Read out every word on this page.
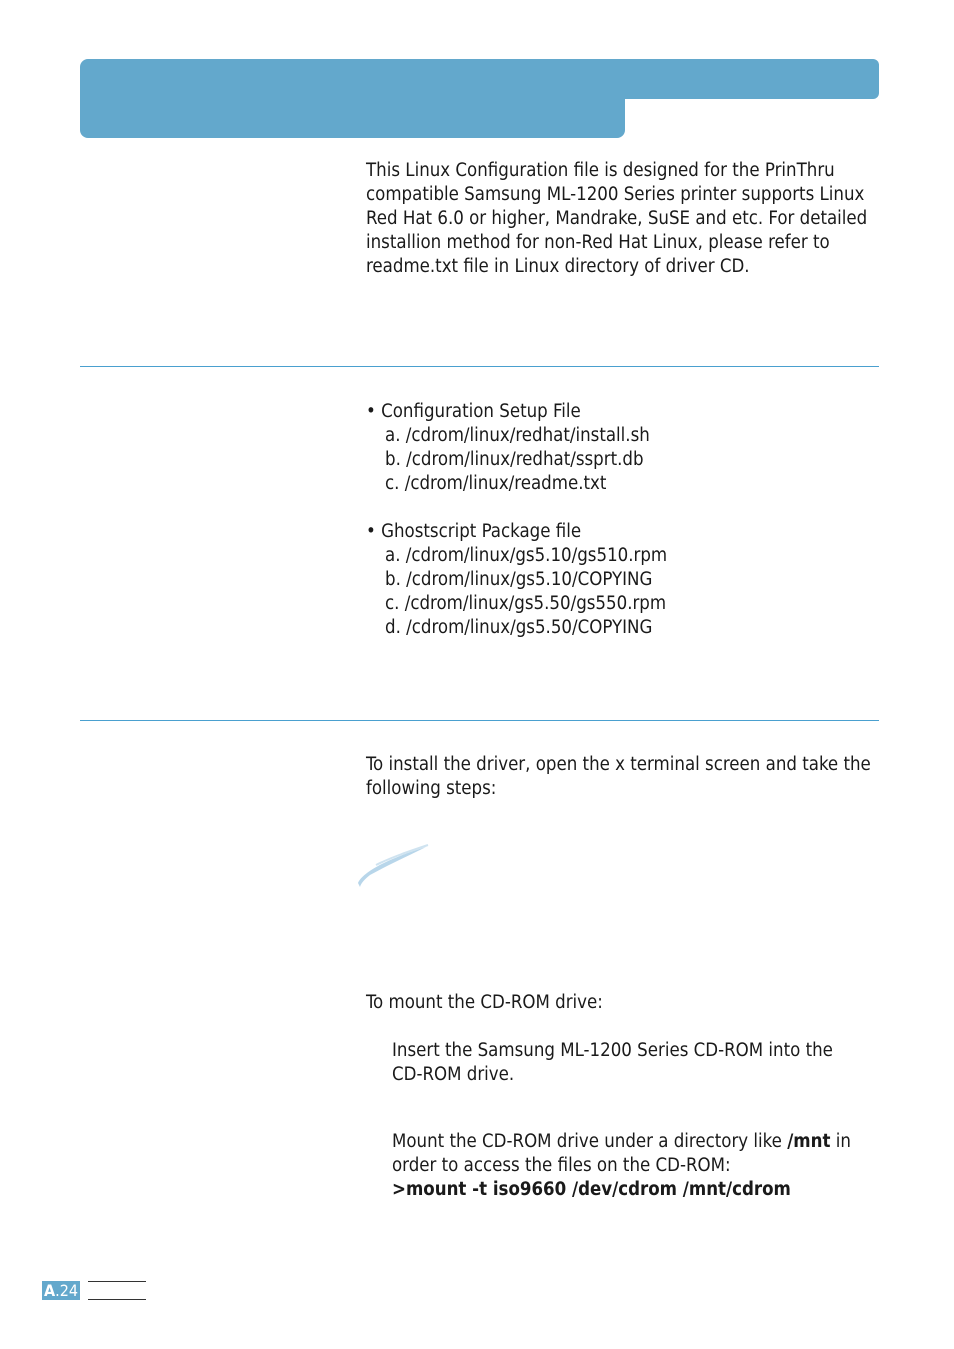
This Linux Configuration file is designed for the PrinThru
compatible Samsung ML-1200 Series printer supports Linux
Red Hat 6.0 or higher, Mandrake, SuSE and etc. For detailed
installion method for non-Red Hat Linux, please refer to
readme.txt file in Linux directory of driver CD.
• Configuration Setup File
a. /cdrom/linux/redhat/install.sh
b. /cdrom/linux/redhat/ssprt.db
c. /cdrom/linux/readme.txt
• Ghostscript Package file
a. /cdrom/linux/gs5.10/gs510.rpm
b. /cdrom/linux/gs5.10/COPYING
c. /cdrom/linux/gs5.50/gs550.rpm
d. /cdrom/linux/gs5.50/COPYING
To install the driver, open the x terminal screen and take the
following steps:
To mount the CD-ROM drive:
Insert the Samsung ML-1200 Series CD-ROM into the
CD-ROM drive.
Mount the CD-ROM drive under a directory like /mnt in
order to access the files on the CD-ROM:
>mount -t iso9660 /dev/cdrom /mnt/cdrom
A.24
